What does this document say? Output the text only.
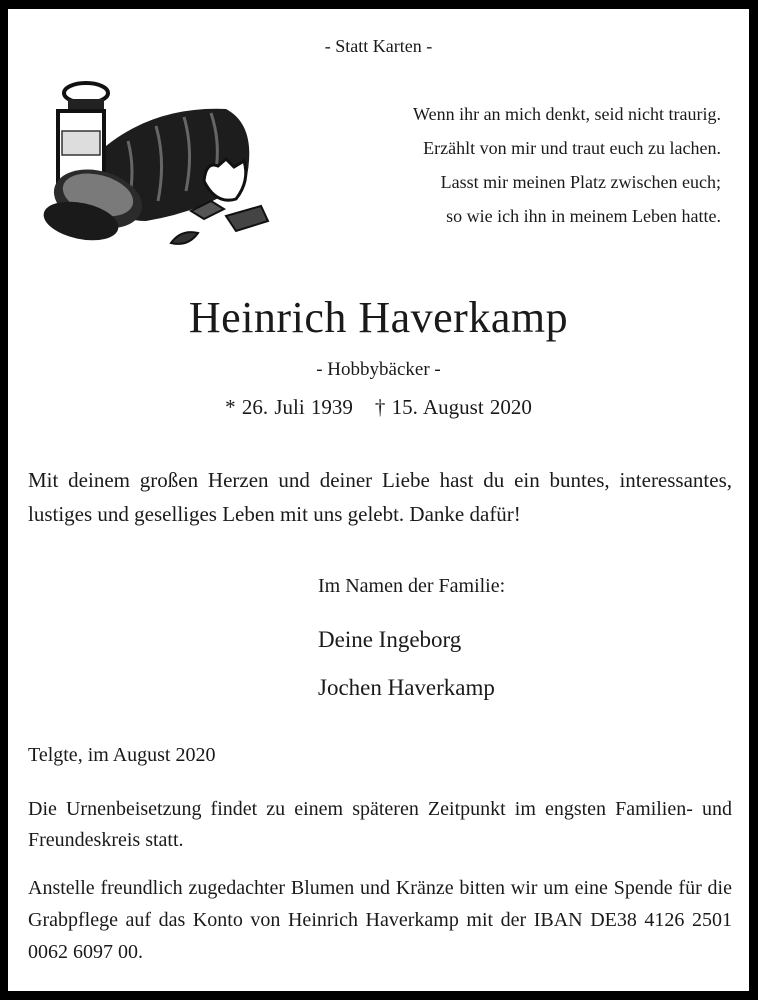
- Statt Karten -
Wenn ihr an mich denkt, seid nicht traurig.
Erzählt von mir und traut euch zu lachen.
Lasst mir meinen Platz zwischen euch;
so wie ich ihn in meinem Leben hatte.
Heinrich Haverkamp
- Hobbybäcker -
* 26. Juli 1939 † 15. August 2020
Mit deinem großen Herzen und deiner Liebe hast du ein buntes, interessantes, lustiges und geselliges Leben mit uns gelebt. Danke dafür!
Im Namen der Familie:
Deine Ingeborg
Jochen Haverkamp
Telgte, im August 2020
Die Urnenbeisetzung findet zu einem späteren Zeitpunkt im engsten Familien- und Freundeskreis statt.
Anstelle freundlich zugedachter Blumen und Kränze bitten wir um eine Spende für die Grabpflege auf das Konto von Heinrich Haverkamp mit der IBAN DE38 4126 2501 0062 6097 00.
